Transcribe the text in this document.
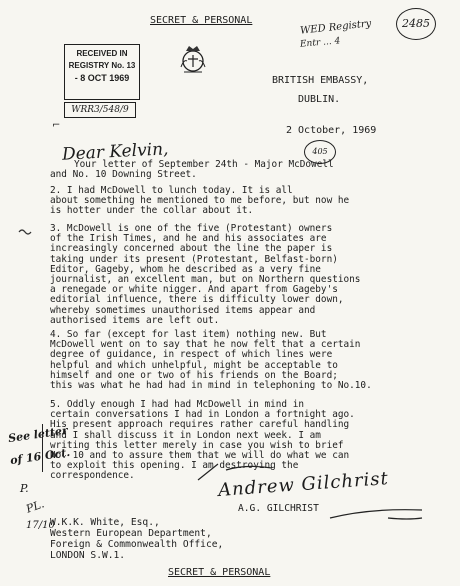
SECRET & PERSONAL
RECEIVED IN
REGISTRY No. 13
- 8 OCT 1969
WRR3/548/9
WED Registry
Entr ... 4
2485
BRITISH EMBASSY,
DUBLIN.
2 October, 1969
⌐
Dear Kelvin,	405
Your letter of September 24th - Major McDowell
and No. 10 Downing Street.
2. I had McDowell to lunch today. It is all
about something he mentioned to me before, but now he
is hotter under the collar about it.
3. McDowell is one of the five (Protestant) owners
of the Irish Times, and he and his associates are
increasingly concerned about the line the paper is
taking under its present (Protestant, Belfast-born)
Editor, Gageby, whom he described as a very fine
journalist, an excellent man, but on Northern questions
a renegade or white nigger. And apart from Gageby's
editorial influence, there is difficulty lower down,
whereby sometimes unauthorised items appear and
authorised items are left out.
4. So far (except for last item) nothing new. But
McDowell went on to say that he now felt that a certain
degree of guidance, in respect of which lines were
helpful and which unhelpful, might be acceptable to
himself and one or two of his friends on the Board;
this was what he had had in mind in telephoning to No.10.
5. Oddly enough I had had McDowell in mind in
certain conversations I had in London a fortnight ago.
His present approach requires rather careful handling
and I shall discuss it in London next week. I am
writing this letter merely in case you wish to brief
No. 10 and to assure them that we will do what we can
to exploit this opening. I am destroying the
correspondence.
See letter
of 16 Oct.
P.
PL.
17/10
Andrew Gilchrist
A.G. GILCHRIST
W.K.K. White, Esq.,
Western European Department,
Foreign & Commonwealth Office,
LONDON S.W.1.
SECRET & PERSONAL
